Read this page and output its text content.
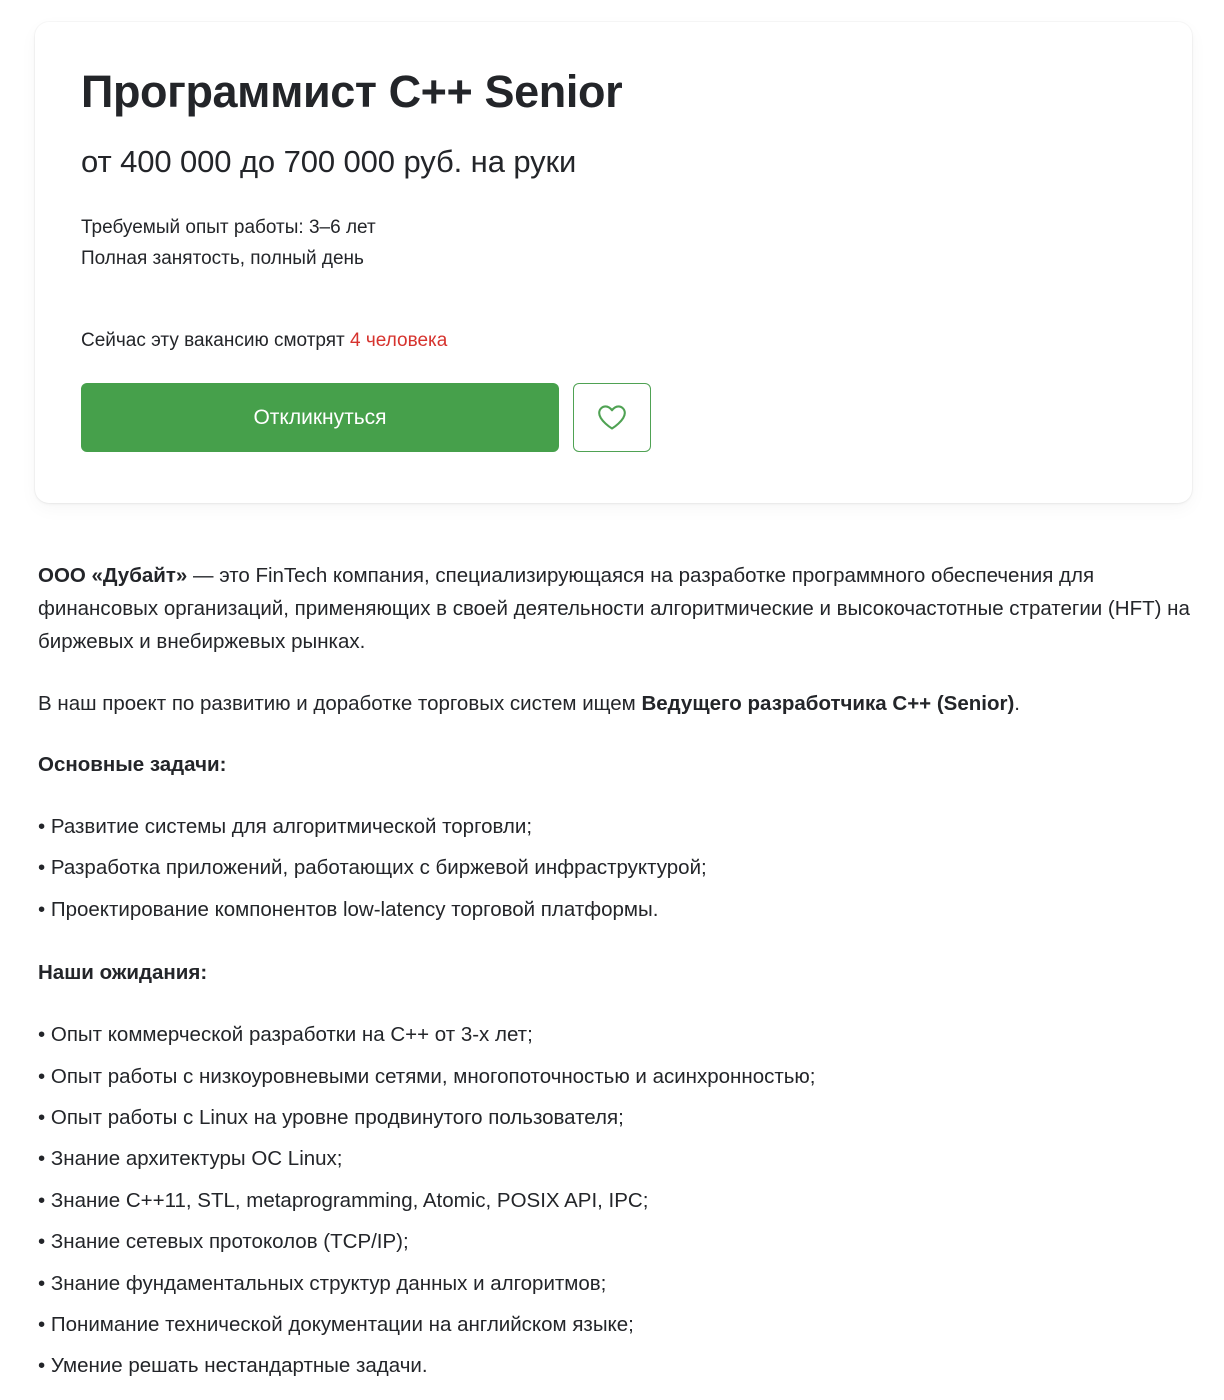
Программист C++ Senior
от 400 000 до 700 000 руб. на руки
Требуемый опыт работы: 3–6 лет
Полная занятость, полный день
Сейчас эту вакансию смотрят 4 человека
Откликнуться

ООО «Дубайт» — это FinTech компания, специализирующаяся на разработке программного обеспечения для финансовых организаций, применяющих в своей деятельности алгоритмические и высокочастотные стратегии (HFT) на биржевых и внебиржевых рынках.

В наш проект по развитию и доработке торговых систем ищем Ведущего разработчика C++ (Senior).

Основные задачи:

• Развитие системы для алгоритмической торговли;
• Разработка приложений, работающих с биржевой инфраструктурой;
• Проектирование компонентов low-latency торговой платформы.

Наши ожидания:

• Опыт коммерческой разработки на C++ от 3-х лет;
• Опыт работы с низкоуровневыми сетями, многопоточностью и асинхронностью;
• Опыт работы с Linux на уровне продвинутого пользователя;
• Знание архитектуры ОС Linux;
• Знание C++11, STL, metaprogramming, Atomic, POSIX API, IPC;
• Знание сетевых протоколов (TCP/IP);
• Знание фундаментальных структур данных и алгоритмов;
• Понимание технической документации на английском языке;
• Умение решать нестандартные задачи.
